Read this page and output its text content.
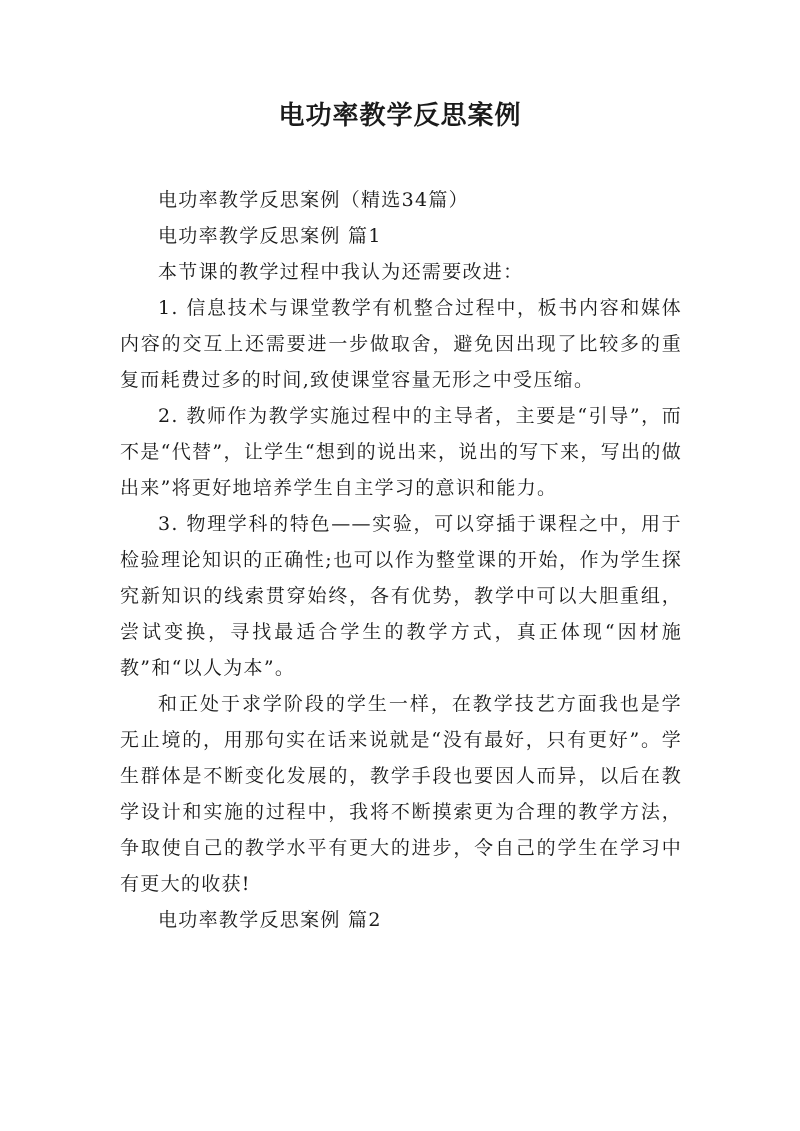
电功率教学反思案例

电功率教学反思案例（精选34篇）

电功率教学反思案例 篇1

本节课的教学过程中我认为还需要改进：

1. 信息技术与课堂教学有机整合过程中，板书内容和媒体内容的交互上还需要进一步做取舍，避免因出现了比较多的重复而耗费过多的时间,致使课堂容量无形之中受压缩。

2. 教师作为教学实施过程中的主导者，主要是“引导”，而不是“代替”，让学生“想到的说出来，说出的写下来，写出的做出来”将更好地培养学生自主学习的意识和能力。

3. 物理学科的特色——实验，可以穿插于课程之中，用于检验理论知识的正确性;也可以作为整堂课的开始，作为学生探究新知识的线索贯穿始终，各有优势，教学中可以大胆重组，尝试变换，寻找最适合学生的教学方式，真正体现“因材施教”和“以人为本”。

和正处于求学阶段的学生一样，在教学技艺方面我也是学无止境的，用那句实在话来说就是“没有最好，只有更好”。学生群体是不断变化发展的，教学手段也要因人而异，以后在教学设计和实施的过程中，我将不断摸索更为合理的教学方法，争取使自己的教学水平有更大的进步，令自己的学生在学习中有更大的收获!

电功率教学反思案例 篇2
